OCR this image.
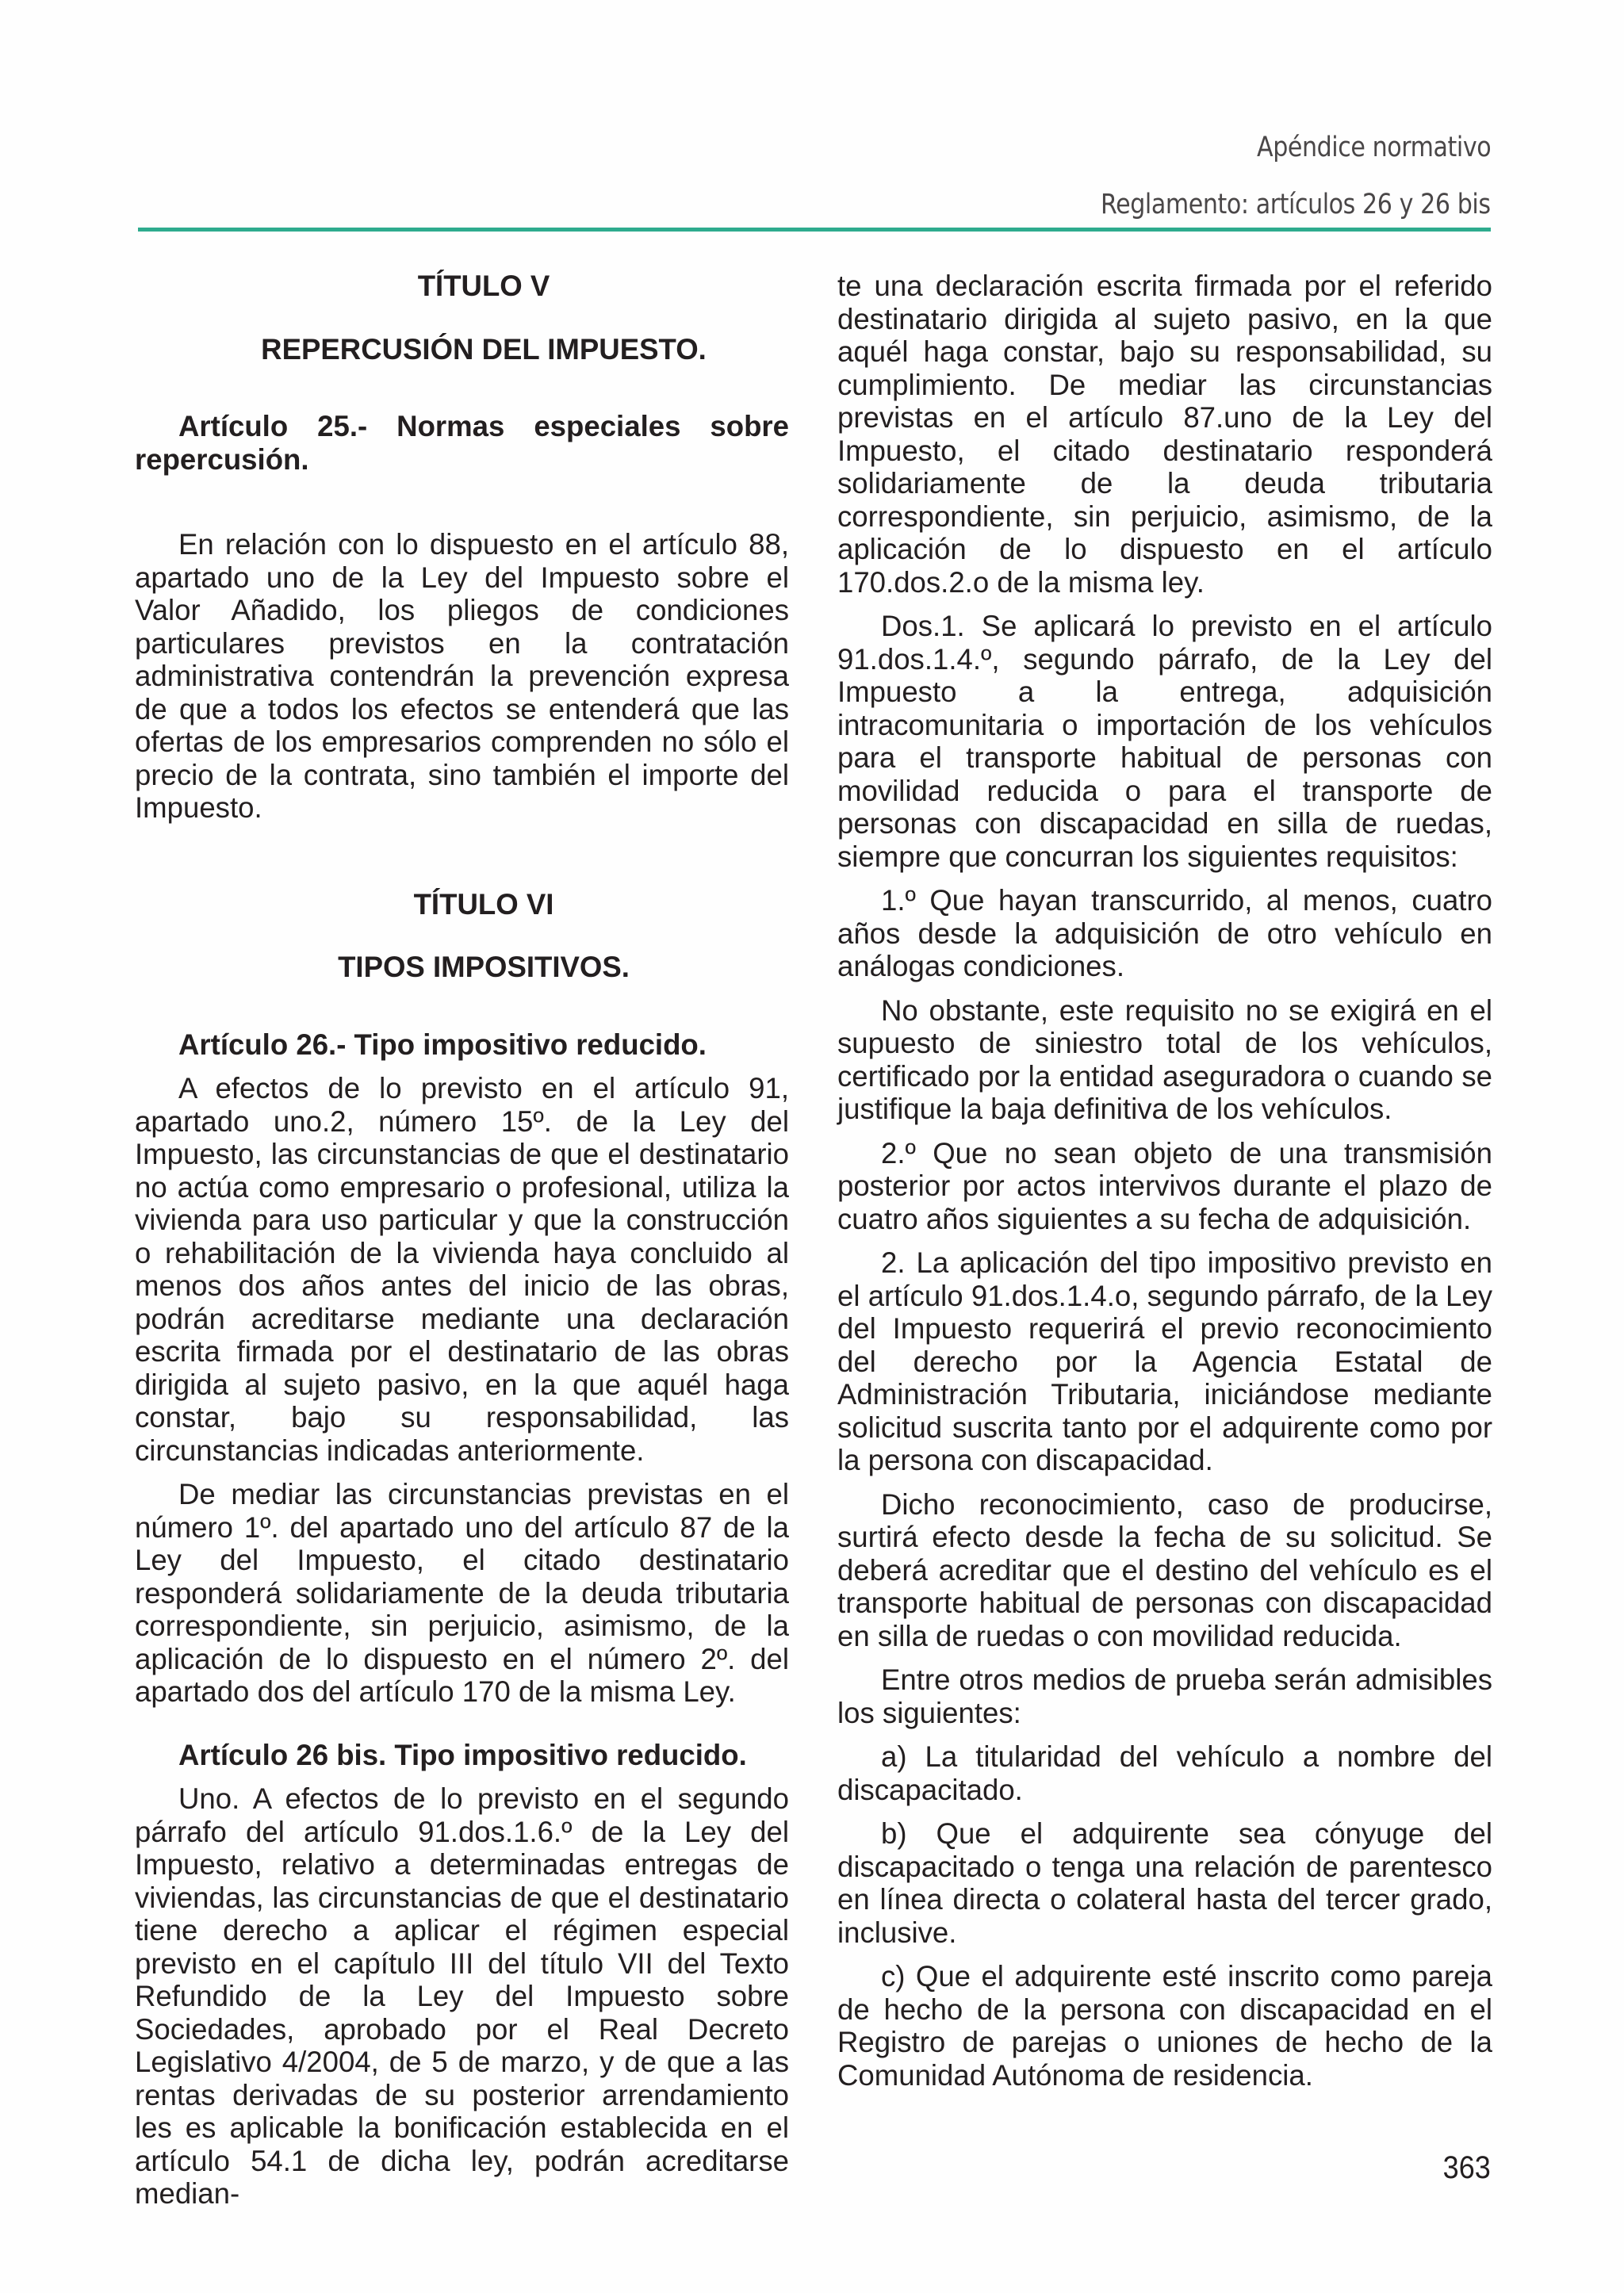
Apéndice normativo
Reglamento: artículos 26 y 26 bis

TÍTULO V

REPERCUSIÓN DEL IMPUESTO.

Artículo 25.- Normas especiales sobre repercusión.

En relación con lo dispuesto en el artículo 88, apartado uno de la Ley del Impuesto sobre el Valor Añadido, los pliegos de condiciones particulares previstos en la contratación administrativa contendrán la prevención expresa de que a todos los efectos se entenderá que las ofertas de los empresarios comprenden no sólo el precio de la contrata, sino también el importe del Impuesto.

TÍTULO VI

TIPOS IMPOSITIVOS.

Artículo 26.- Tipo impositivo reducido.

A efectos de lo previsto en el artículo 91, apartado uno.2, número 15º. de la Ley del Impuesto, las circunstancias de que el destinatario no actúa como empresario o profesional, utiliza la vivienda para uso particular y que la construcción o rehabilitación de la vivienda haya concluido al menos dos años antes del inicio de las obras, podrán acreditarse mediante una declaración escrita firmada por el destinatario de las obras dirigida al sujeto pasivo, en la que aquél haga constar, bajo su responsabilidad, las circunstancias indicadas anteriormente.

De mediar las circunstancias previstas en el número 1º. del apartado uno del artículo 87 de la Ley del Impuesto, el citado destinatario responderá solidariamente de la deuda tributaria correspondiente, sin perjuicio, asimismo, de la aplicación de lo dispuesto en el número 2º. del apartado dos del artículo 170 de la misma Ley.

Artículo 26 bis. Tipo impositivo reducido.

Uno. A efectos de lo previsto en el segundo párrafo del artículo 91.dos.1.6.º de la Ley del Impuesto, relativo a determinadas entregas de viviendas, las circunstancias de que el destinatario tiene derecho a aplicar el régimen especial previsto en el capítulo III del título VII del Texto Refundido de la Ley del Impuesto sobre Sociedades, aprobado por el Real Decreto Legislativo 4/2004, de 5 de marzo, y de que a las rentas derivadas de su posterior arrendamiento les es aplicable la bonificación establecida en el artículo 54.1 de dicha ley, podrán acreditarse median-

te una declaración escrita firmada por el referido destinatario dirigida al sujeto pasivo, en la que aquél haga constar, bajo su responsabilidad, su cumplimiento. De mediar las circunstancias previstas en el artículo 87.uno de la Ley del Impuesto, el citado destinatario responderá solidariamente de la deuda tributaria correspondiente, sin perjuicio, asimismo, de la aplicación de lo dispuesto en el artículo 170.dos.2.o de la misma ley.

Dos.1. Se aplicará lo previsto en el artículo 91.dos.1.4.º, segundo párrafo, de la Ley del Impuesto a la entrega, adquisición intracomunitaria o importación de los vehículos para el transporte habitual de personas con movilidad reducida o para el transporte de personas con discapacidad en silla de ruedas, siempre que concurran los siguientes requisitos:

1.º Que hayan transcurrido, al menos, cuatro años desde la adquisición de otro vehículo en análogas condiciones.

No obstante, este requisito no se exigirá en el supuesto de siniestro total de los vehículos, certificado por la entidad aseguradora o cuando se justifique la baja definitiva de los vehículos.

2.º Que no sean objeto de una transmisión posterior por actos intervivos durante el plazo de cuatro años siguientes a su fecha de adquisición.

2. La aplicación del tipo impositivo previsto en el artículo 91.dos.1.4.o, segundo párrafo, de la Ley del Impuesto requerirá el previo reconocimiento del derecho por la Agencia Estatal de Administración Tributaria, iniciándose mediante solicitud suscrita tanto por el adquirente como por la persona con discapacidad.

Dicho reconocimiento, caso de producirse, surtirá efecto desde la fecha de su solicitud. Se deberá acreditar que el destino del vehículo es el transporte habitual de personas con discapacidad en silla de ruedas o con movilidad reducida.

Entre otros medios de prueba serán admisibles los siguientes:

a) La titularidad del vehículo a nombre del discapacitado.

b) Que el adquirente sea cónyuge del discapacitado o tenga una relación de parentesco en línea directa o colateral hasta del tercer grado, inclusive.

c) Que el adquirente esté inscrito como pareja de hecho de la persona con discapacidad en el Registro de parejas o uniones de hecho de la Comunidad Autónoma de residencia.

363
